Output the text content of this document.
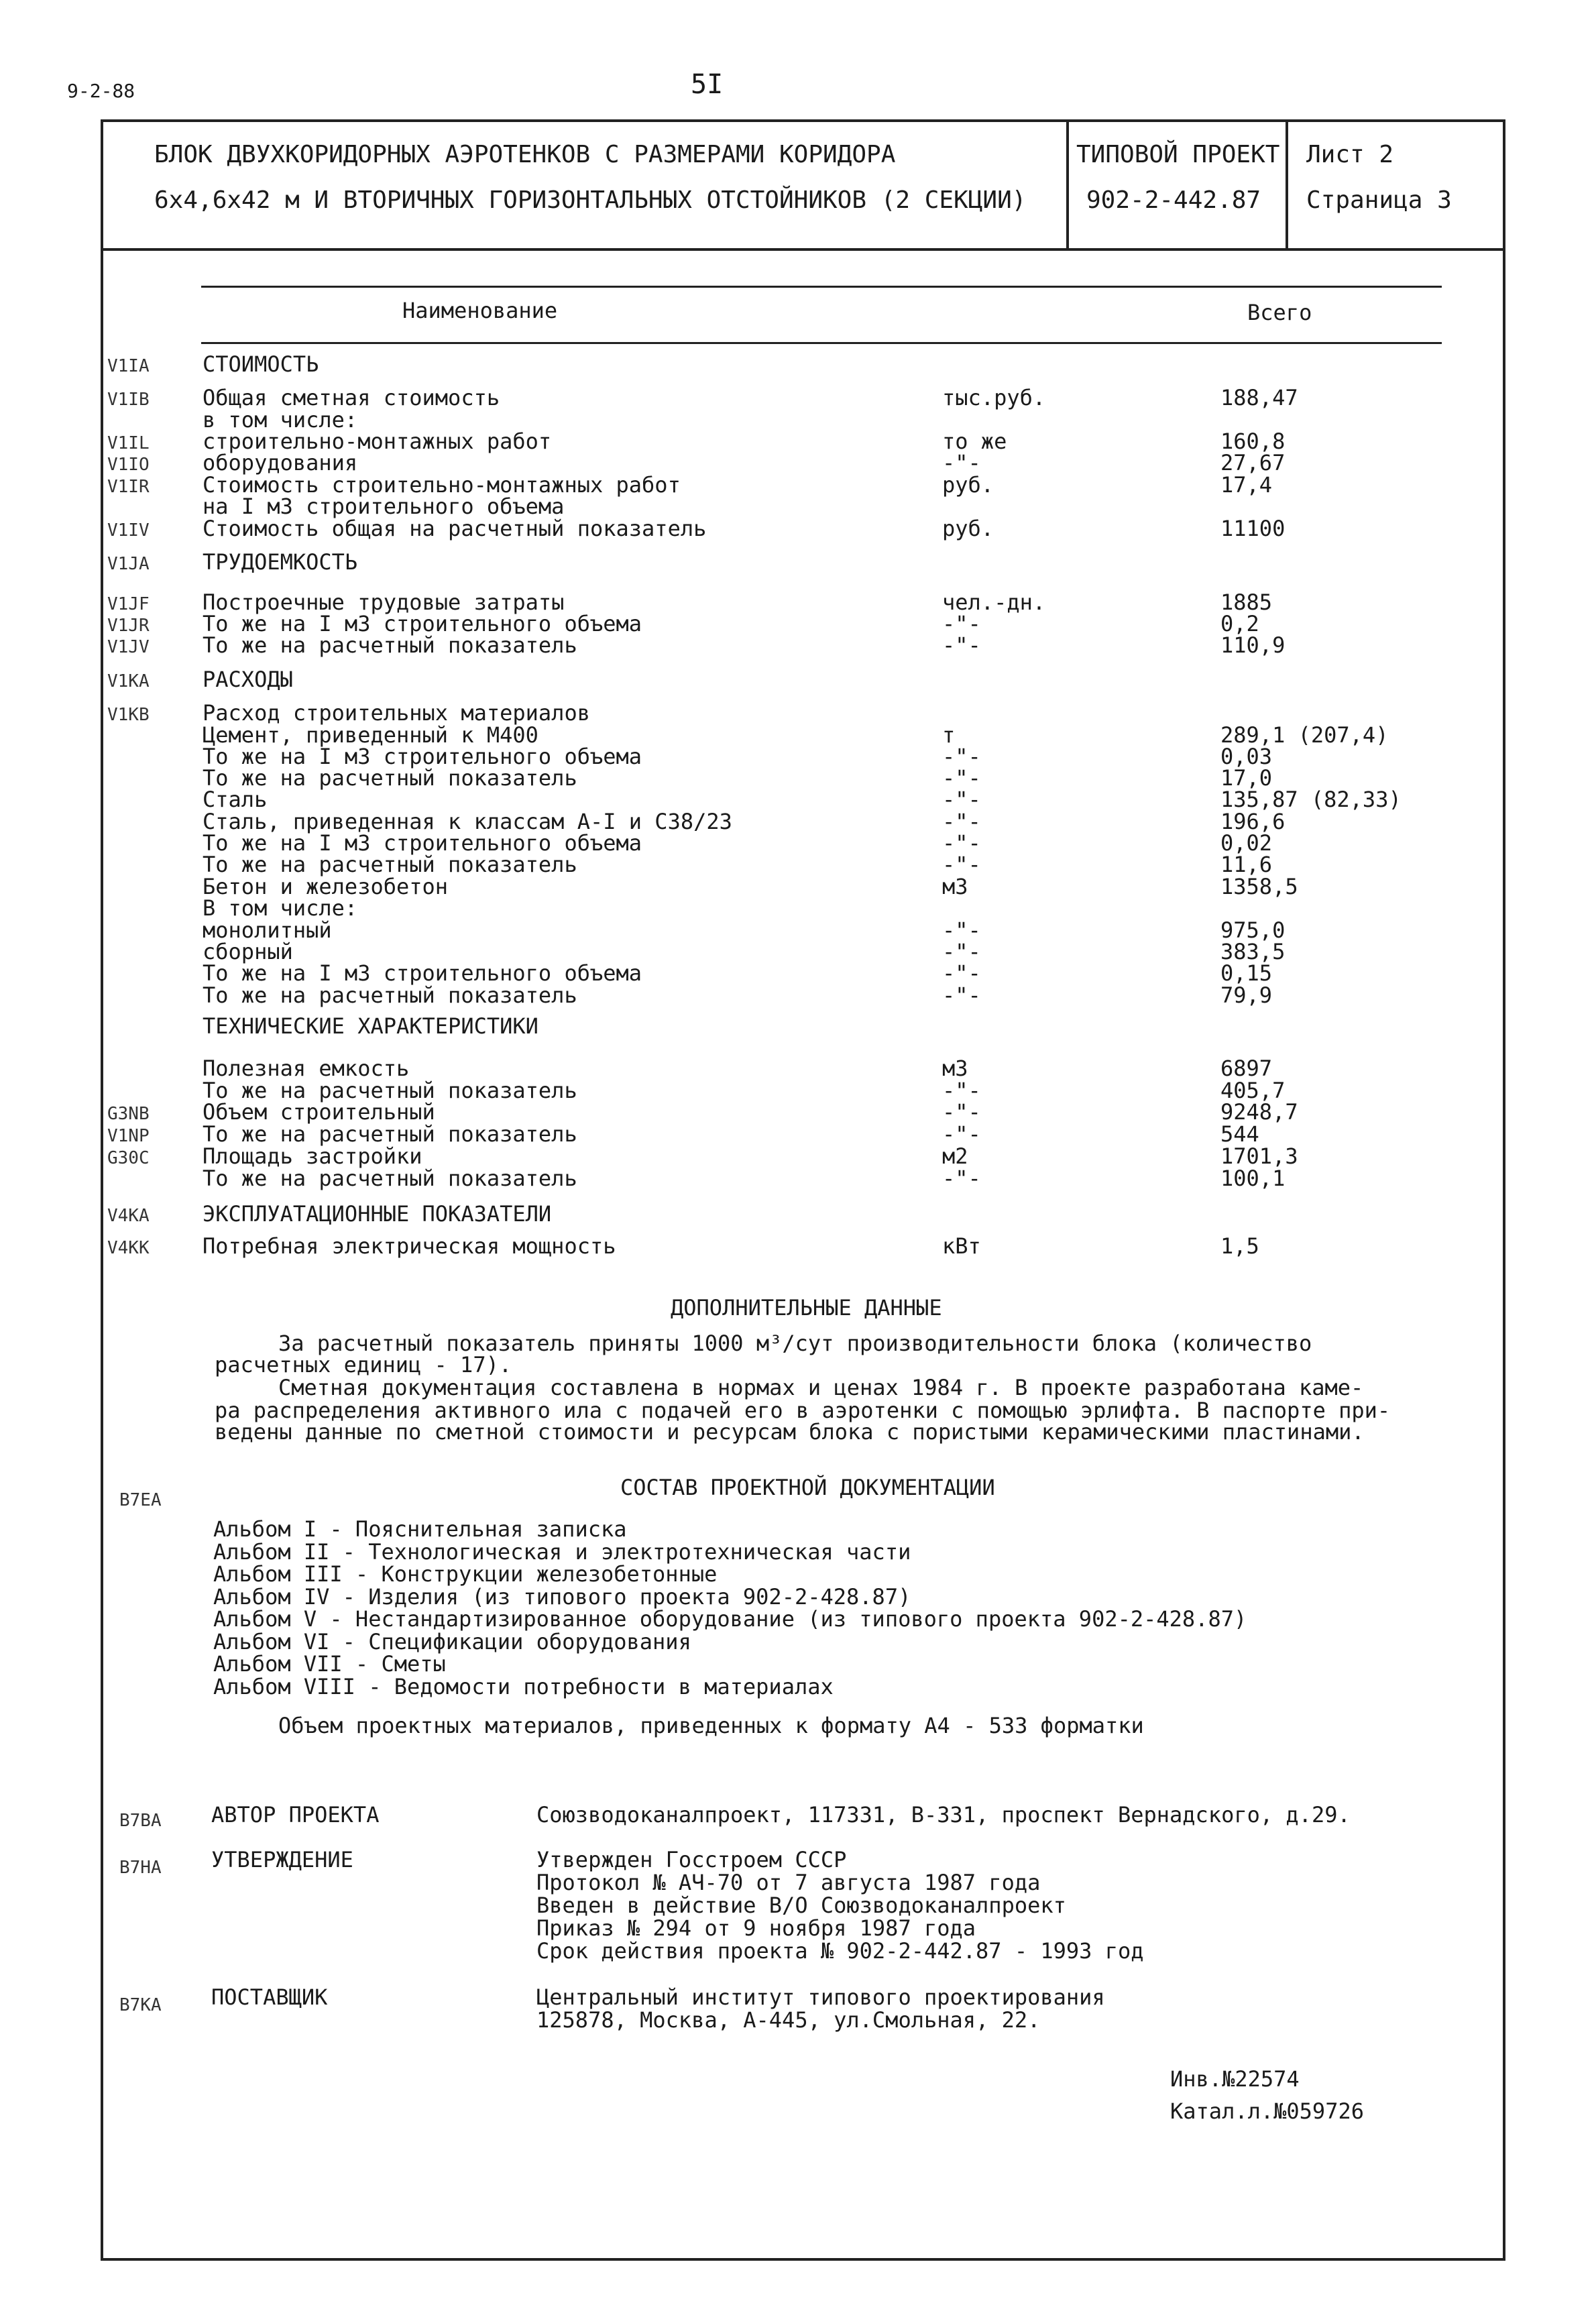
9-2-88	5I
БЛОК ДВУХКОРИДОРНЫХ АЭРОТЕНКОВ С РАЗМЕРАМИ КОРИДОРА
6x4,6x42 м И ВТОРИЧНЫХ ГОРИЗОНТАЛЬНЫХ ОТСТОЙНИКОВ (2 СЕКЦИИ)
ТИПОВОЙ ПРОЕКТ
902-2-442.87
Лист 2
Страница 3
Наименование	Всего
V1IA СТОИМОСТЬ
V1IB Общая сметная стоимость	тыс.руб.	188,47
в том числе:
V1IL строительно-монтажных работ	то же	160,8
V1IO оборудования	-"-	27,67
V1IR Стоимость строительно-монтажных работ	руб.	17,4
на I м3 строительного объема
V1IV Стоимость общая на расчетный показатель	руб.	11100
V1JA ТРУДОЕМКОСТЬ
V1JF Построечные трудовые затраты	чел.-дн.	1885
V1JR То же на I м3 строительного объема	-"-	0,2
V1JV То же на расчетный показатель	-"-	110,9
V1KA РАСХОДЫ
V1KB Расход строительных материалов
Цемент, приведенный к М400	т	289,1 (207,4)
То же на I м3 строительного объема	-"-	0,03
То же на расчетный показатель	-"-	17,0
Сталь	-"-	135,87 (82,33)
Сталь, приведенная к классам А-I и С38/23	-"-	196,6
То же на I м3 строительного объема	-"-	0,02
То же на расчетный показатель	-"-	11,6
Бетон и железобетон	м3	1358,5
В том числе:
монолитный	-"-	975,0
сборный	-"-	383,5
То же на I м3 строительного объема	-"-	0,15
То же на расчетный показатель	-"-	79,9
ТЕХНИЧЕСКИЕ ХАРАКТЕРИСТИКИ
Полезная емкость	м3	6897
То же на расчетный показатель	-"-	405,7
G3NB Объем строительный	-"-	9248,7
V1NP То же на расчетный показатель	-"-	544
G30C Площадь застройки	м2	1701,3
То же на расчетный показатель	-"-	100,1
V4KA ЭКСПЛУАТАЦИОННЫЕ ПОКАЗАТЕЛИ
V4KK Потребная электрическая мощность	кВт	1,5
ДОПОЛНИТЕЛЬНЫЕ ДАННЫЕ
За расчетный показатель приняты 1000 м³/сут производительности блока (количество
расчетных единиц - 17).
Сметная документация составлена в нормах и ценах 1984 г. В проекте разработана каме-
ра распределения активного ила с подачей его в аэротенки с помощью эрлифта. В паспорте при-
ведены данные по сметной стоимости и ресурсам блока с пористыми керамическими пластинами.
B7EA	СОСТАВ ПРОЕКТНОЙ ДОКУМЕНТАЦИИ
Альбом I - Пояснительная записка
Альбом II - Технологическая и электротехническая части
Альбом III - Конструкции железобетонные
Альбом IV - Изделия (из типового проекта 902-2-428.87)
Альбом V - Нестандартизированное оборудование (из типового проекта 902-2-428.87)
Альбом VI - Спецификации оборудования
Альбом VII - Сметы
Альбом VIII - Ведомости потребности в материалах
Объем проектных материалов, приведенных к формату А4 - 533 форматки
B7BA АВТОР ПРОЕКТА	Союзводоканалпроект, 117331, В-331, проспект Вернадского, д.29.
B7HA УТВЕРЖДЕНИЕ	Утвержден Госстроем СССР
Протокол № АЧ-70 от 7 августа 1987 года
Введен в действие В/О Союзводоканалпроект
Приказ № 294 от 9 ноября 1987 года
Срок действия проекта № 902-2-442.87 - 1993 год
B7KA ПОСТАВЩИК	Центральный институт типового проектирования
125878, Москва, А-445, ул.Смольная, 22.
Инв.№22574
Катал.л.№059726
